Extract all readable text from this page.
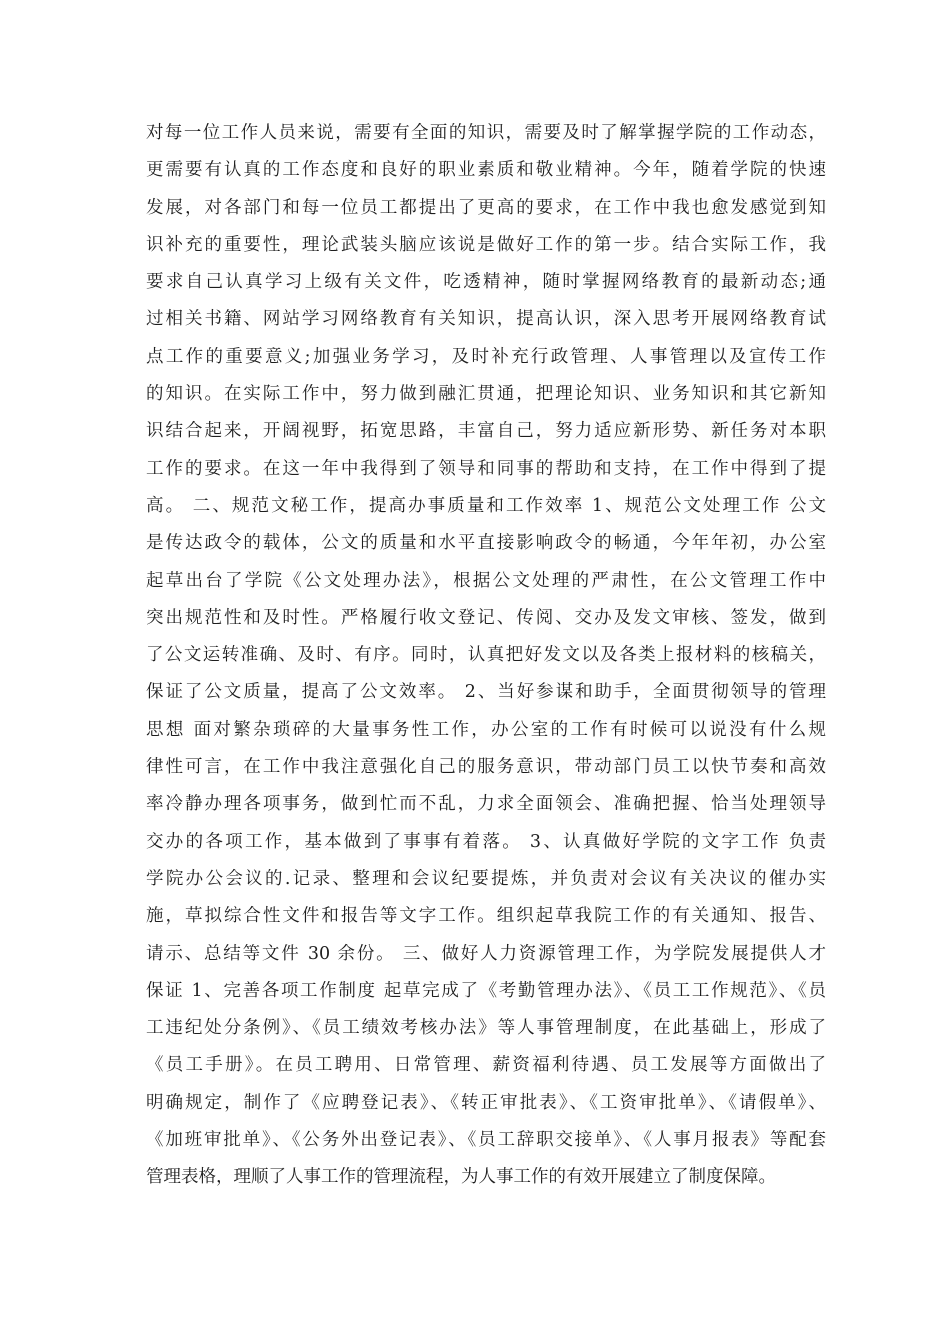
对每一位工作人员来说，需要有全面的知识，需要及时了解掌握学院的工作动态，
更需要有认真的工作态度和良好的职业素质和敬业精神。今年，随着学院的快速
发展，对各部门和每一位员工都提出了更高的要求，在工作中我也愈发感觉到知
识补充的重要性，理论武装头脑应该说是做好工作的第一步。结合实际工作，我
要求自己认真学习上级有关文件，吃透精神，随时掌握网络教育的最新动态;通
过相关书籍、网站学习网络教育有关知识，提高认识，深入思考开展网络教育试
点工作的重要意义;加强业务学习，及时补充行政管理、人事管理以及宣传工作
的知识。在实际工作中，努力做到融汇贯通，把理论知识、业务知识和其它新知
识结合起来，开阔视野，拓宽思路，丰富自己，努力适应新形势、新任务对本职
工作的要求。在这一年中我得到了领导和同事的帮助和支持，在工作中得到了提
高。 二、规范文秘工作，提高办事质量和工作效率 1、规范公文处理工作 公文
是传达政令的载体，公文的质量和水平直接影响政令的畅通，今年年初，办公室
起草出台了学院《公文处理办法》，根据公文处理的严肃性，在公文管理工作中
突出规范性和及时性。严格履行收文登记、传阅、交办及发文审核、签发，做到
了公文运转准确、及时、有序。同时，认真把好发文以及各类上报材料的核稿关，
保证了公文质量，提高了公文效率。 2、当好参谋和助手，全面贯彻领导的管理
思想 面对繁杂琐碎的大量事务性工作，办公室的工作有时候可以说没有什么规
律性可言，在工作中我注意强化自己的服务意识，带动部门员工以快节奏和高效
率冷静办理各项事务，做到忙而不乱，力求全面领会、准确把握、恰当处理领导
交办的各项工作，基本做到了事事有着落。 3、认真做好学院的文字工作 负责
学院办公会议的.记录、整理和会议纪要提炼，并负责对会议有关决议的催办实
施，草拟综合性文件和报告等文字工作。组织起草我院工作的有关通知、报告、
请示、总结等文件 30 余份。 三、做好人力资源管理工作，为学院发展提供人才
保证 1、完善各项工作制度 起草完成了《考勤管理办法》、《员工工作规范》、《员
工违纪处分条例》、《员工绩效考核办法》等人事管理制度，在此基础上，形成了
《员工手册》。在员工聘用、日常管理、薪资福利待遇、员工发展等方面做出了
明确规定，制作了《应聘登记表》、《转正审批表》、《工资审批单》、《请假单》、
《加班审批单》、《公务外出登记表》、《员工辞职交接单》、《人事月报表》等配套
管理表格，理顺了人事工作的管理流程，为人事工作的有效开展建立了制度保障。
